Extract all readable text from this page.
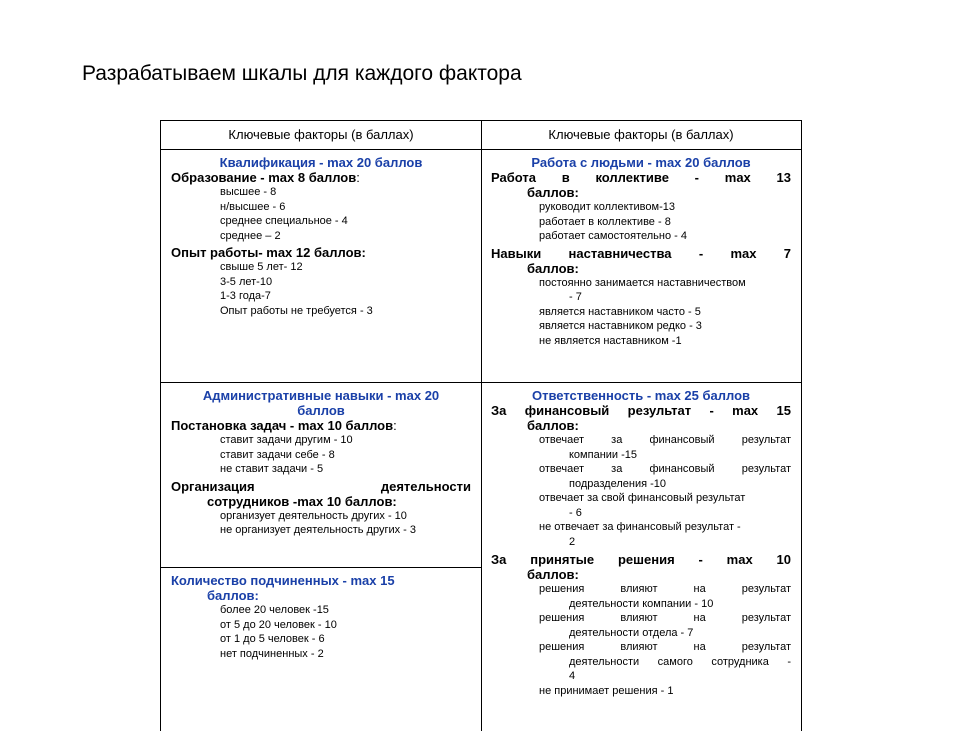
Разрабатываем шкалы для каждого фактора
Ключевые факторы (в баллах)	Ключевые факторы (в баллах)
Квалификация - max 20 баллов
Образование - max 8 баллов:
высшее - 8
н/высшее - 6
среднее специальное - 4
среднее – 2
Опыт работы- max 12 баллов:
свыше 5 лет- 12
3-5 лет-10
1-3 года-7
Опыт работы не требуется - 3
Работа с людьми - max 20 баллов
Работа в коллективе - max 13
баллов:
руководит коллективом-13
работает в коллективе - 8
работает самостоятельно - 4
Навыки наставничества - max 7
баллов:
постоянно занимается наставничеством
- 7
является наставником часто - 5
является наставником редко - 3
не является наставником -1
Административные навыки - max 20
баллов
Постановка задач - max 10 баллов:
ставит задачи другим - 10
ставит задачи себе - 8
не ставит задачи - 5
Организация деятельности
сотрудников -max 10 баллов:
организует деятельность других - 10
не организует деятельность других - 3
Количество подчиненных - max 15
баллов:
более 20 человек -15
от 5 до 20 человек - 10
от 1 до 5 человек - 6
нет подчиненных - 2
Ответственность - max 25 баллов
За финансовый результат - max 15
баллов:
отвечает за финансовый результат
компании -15
отвечает за финансовый результат
подразделения -10
отвечает за свой финансовый результат
- 6
не отвечает за финансовый результат -
2
За принятые решения - max 10
баллов:
решения влияют на результат
деятельности компании - 10
решения влияют на результат
деятельности отдела - 7
решения влияют на результат
деятельности самого сотрудника -
4
не принимает решения - 1
